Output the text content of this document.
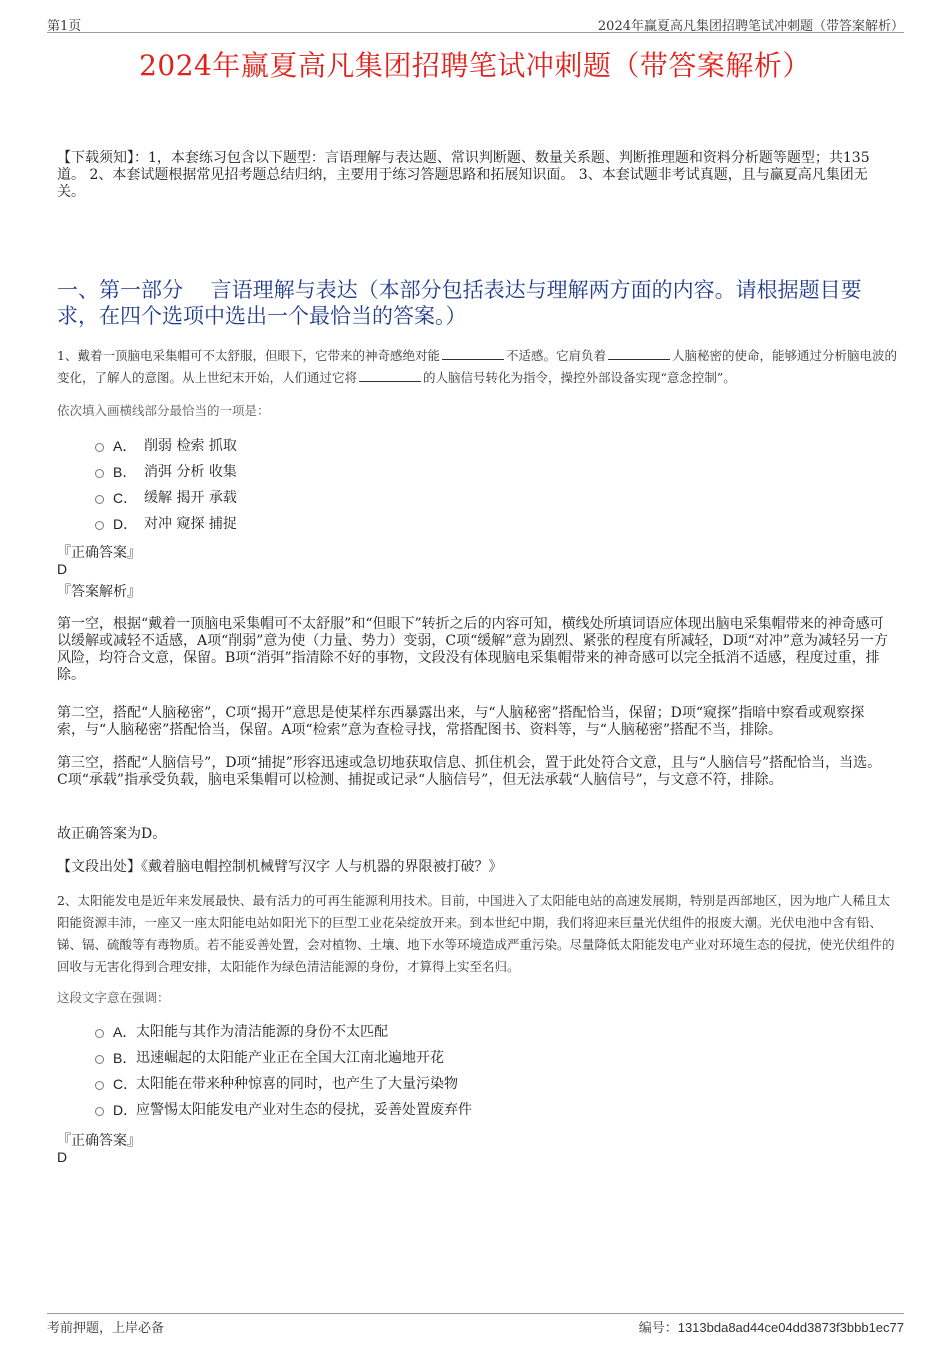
第1页	2024年赢夏高凡集团招聘笔试冲刺题（带答案解析）
2024年赢夏高凡集团招聘笔试冲刺题（带答案解析）
【下载须知】：1，本套练习包含以下题型：言语理解与表达题、常识判断题、数量关系题、判断推理题和资料分析题等题型；共135道。 2、本套试题根据常见招考题总结归纳，主要用于练习答题思路和拓展知识面。 3、本套试题非考试真题，且与赢夏高凡集团无关。
一、第一部分　 言语理解与表达（本部分包括表达与理解两方面的内容。请根据题目要求，在四个选项中选出一个最恰当的答案。）
1、戴着一顶脑电采集帽可不太舒服，但眼下，它带来的神奇感绝对能	不适感。它肩负着	人脑秘密的使命，能够通过分析脑电波的变化，了解人的意图。从上世纪末开始，人们通过它将	的人脑信号转化为指令，操控外部设备实现“意念控制”。
依次填入画横线部分最恰当的一项是：
A． 削弱 检索 抓取
B． 消弭 分析 收集
C． 缓解 揭开 承载
D． 对冲 窥探 捕捉
『正确答案』
D
『答案解析』
第一空，根据“戴着一顶脑电采集帽可不太舒服”和“但眼下”转折之后的内容可知，横线处所填词语应体现出脑电采集帽带来的神奇感可以缓解或减轻不适感，A项“削弱”意为使（力量、势力）变弱，C项“缓解”意为剧烈、紧张的程度有所减轻，D项“对冲”意为减轻另一方风险，均符合文意，保留。B项“消弭”指清除不好的事物，文段没有体现脑电采集帽带来的神奇感可以完全抵消不适感，程度过重，排除。
第二空，搭配“人脑秘密”，C项“揭开”意思是使某样东西暴露出来，与“人脑秘密”搭配恰当，保留；D项“窥探”指暗中察看或观察探索，与“人脑秘密”搭配恰当，保留。A项“检索”意为查检寻找，常搭配图书、资料等，与“人脑秘密”搭配不当，排除。
第三空，搭配“人脑信号”，D项“捕捉”形容迅速或急切地获取信息、抓住机会，置于此处符合文意，且与“人脑信号”搭配恰当，当选。C项“承载”指承受负载，脑电采集帽可以检测、捕捉或记录“人脑信号”，但无法承载“人脑信号”，与文意不符，排除。
故正确答案为D。
【文段出处】《戴着脑电帽控制机械臂写汉字 人与机器的界限被打破？》
2、太阳能发电是近年来发展最快、最有活力的可再生能源利用技术。目前，中国进入了太阳能电站的高速发展期，特别是西部地区，因为地广人稀且太阳能资源丰沛，一座又一座太阳能电站如阳光下的巨型工业花朵绽放开来。到本世纪中期，我们将迎来巨量光伏组件的报废大潮。光伏电池中含有铅、锑、镉、硫酸等有毒物质。若不能妥善处置，会对植物、土壤、地下水等环境造成严重污染。尽量降低太阳能发电产业对环境生态的侵扰，使光伏组件的回收与无害化得到合理安排，太阳能作为绿色清洁能源的身份，才算得上实至名归。
这段文字意在强调：
A． 太阳能与其作为清洁能源的身份不太匹配
B． 迅速崛起的太阳能产业正在全国大江南北遍地开花
C．
太阳能在带来种种惊喜的同时，也产生了大量污染物
D．
应警惕太阳能发电产业对生态的侵扰，妥善处置废弃件
『正确答案』
D
考前押题，上岸必备	编号：1313bda8ad44ce04dd3873f3bbb1ec77
